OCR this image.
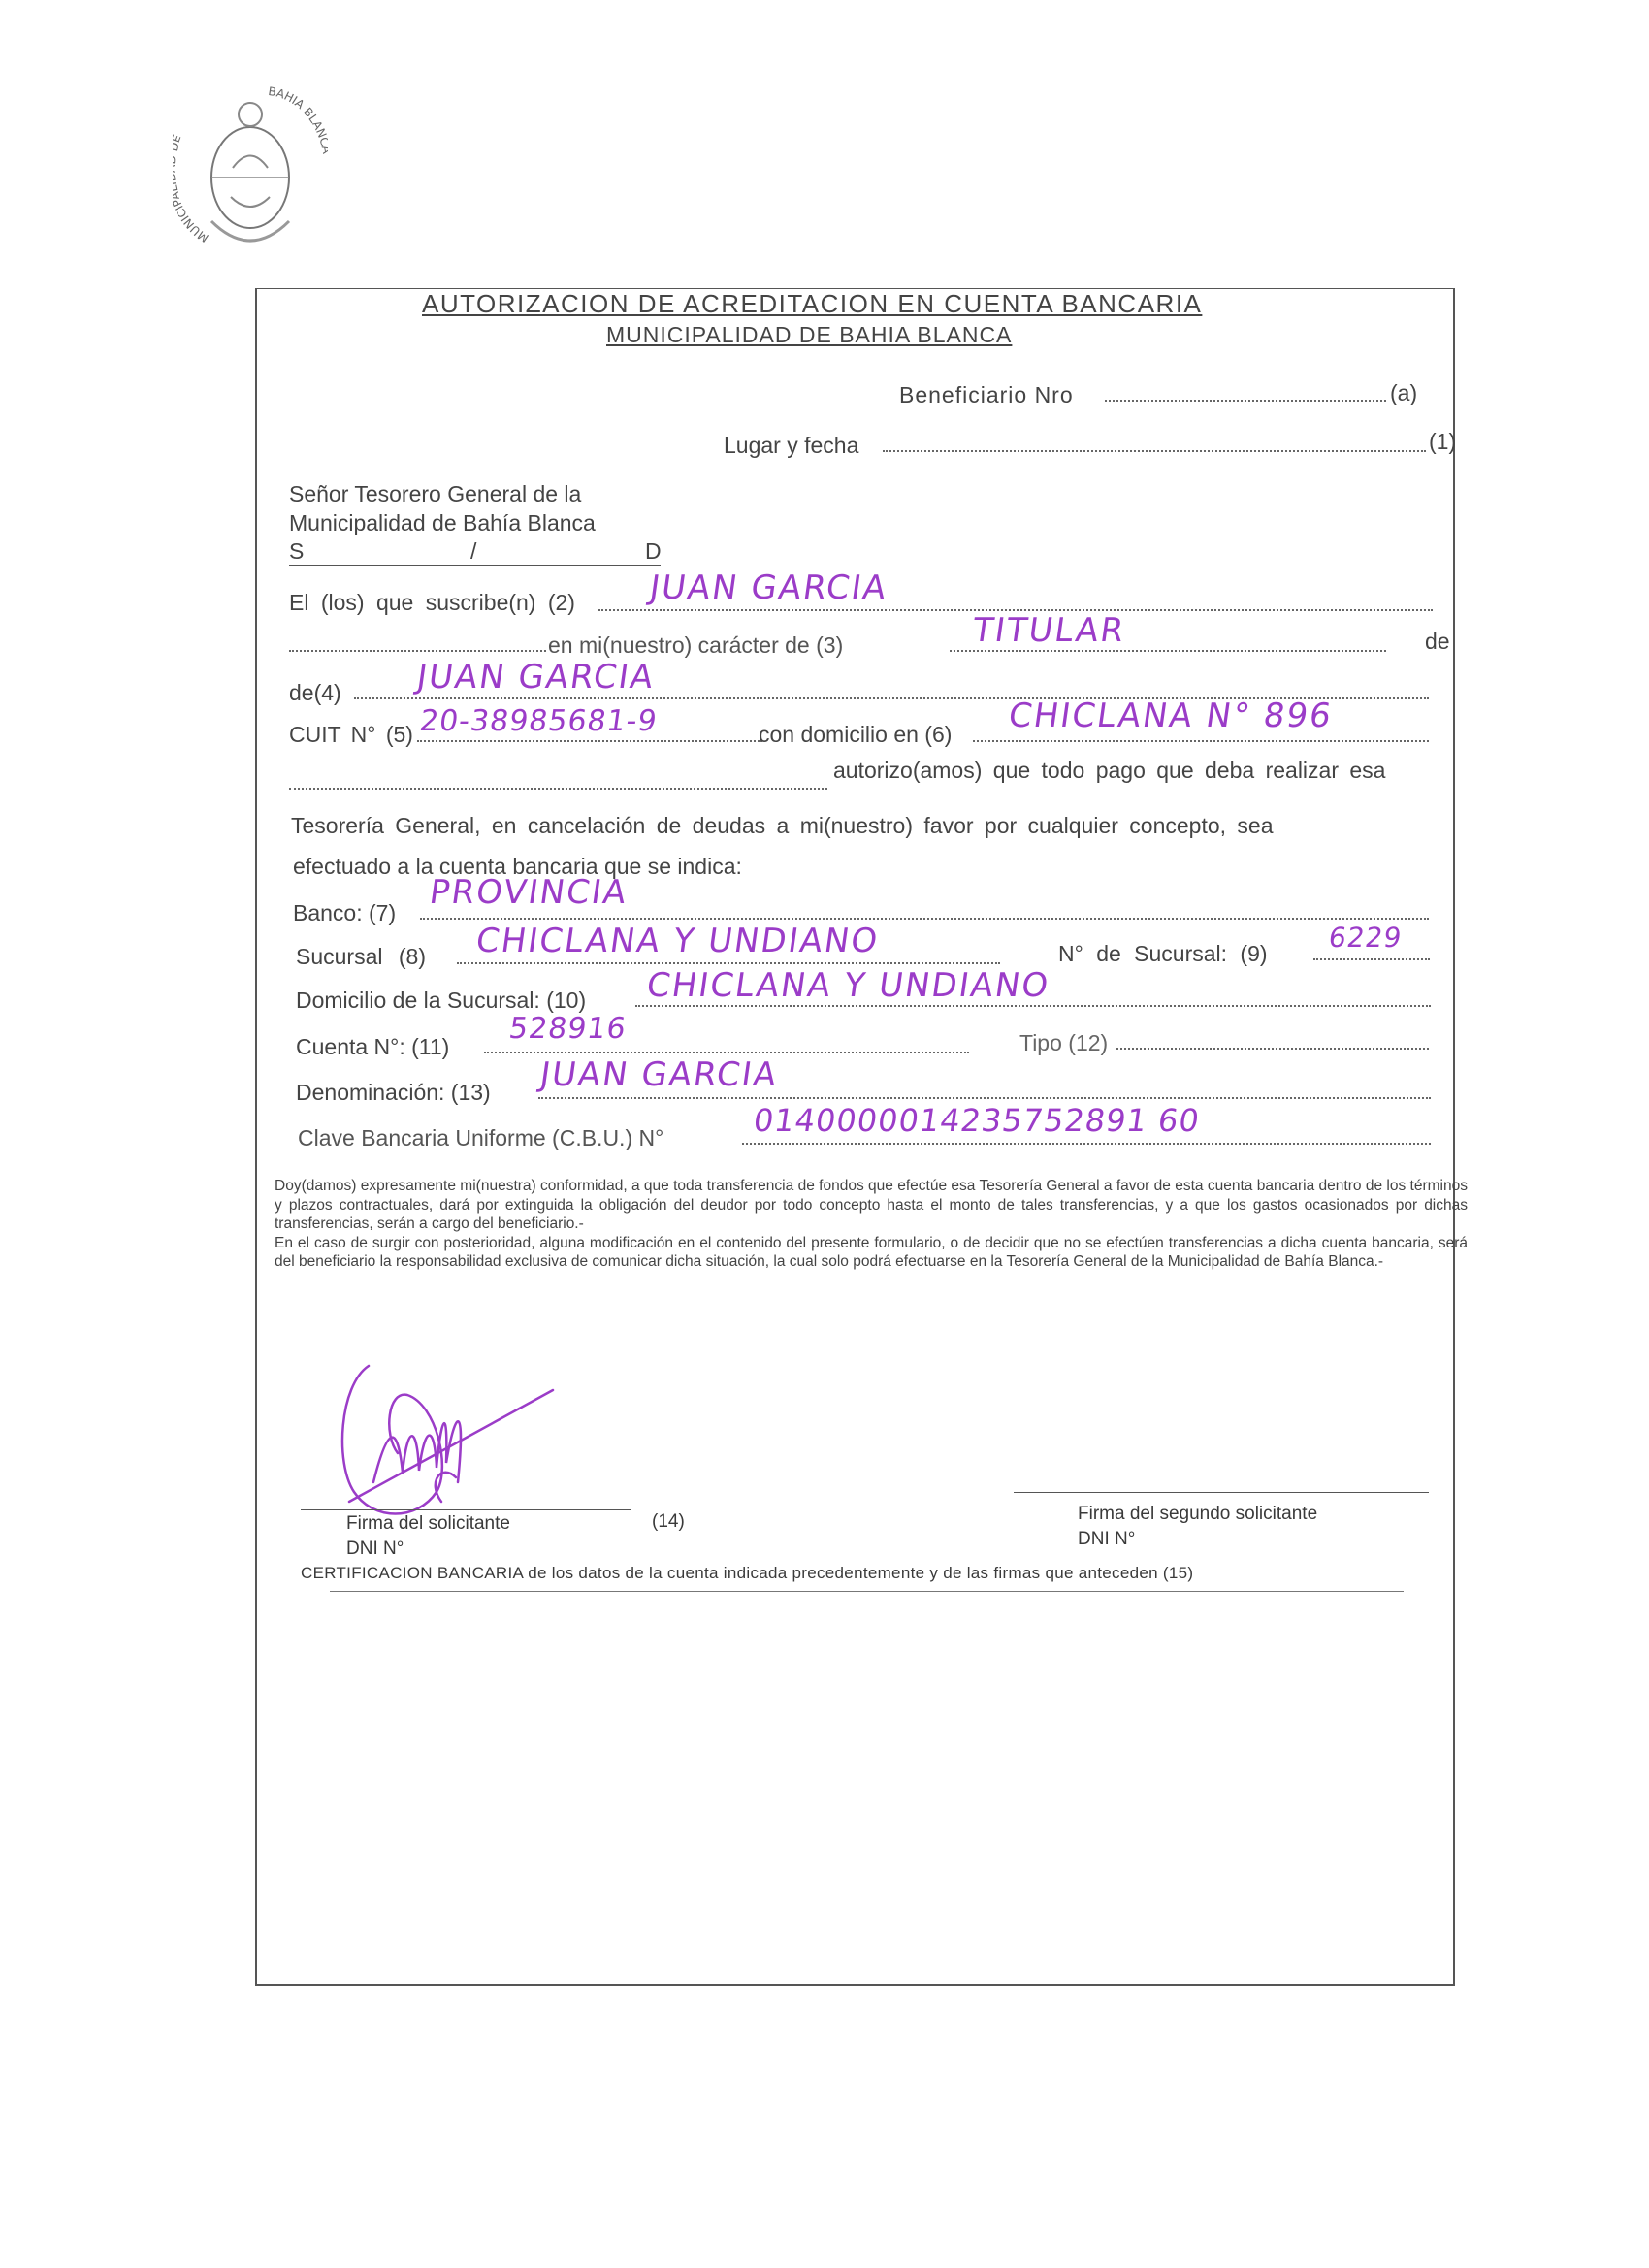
MUNICI
BAHIA BLAN
AUTORIZACION DE ACREDITACION EN CUENTA BANCARIA
MUNICIPALIDAD DE BAHIA BLANCA
Beneficiario Nro	(a)
Lugar y fecha	(1)
Señor Tesorero General de la
Municipalidad de Bahía Blanca
S	/	D
El (los) que suscribe(n) (2) JUAN GARCIA
en mi(nuestro) carácter de (3)	TITULAR	de
de(4) JUAN GARCIA
CUIT N° (5) 20-38985681-9	con domicilio en (6) CHICLANA N° 896
autorizo(amos) que todo pago que deba realizar esa
Tesorería General, en cancelación de deudas a mi(nuestro) favor por cualquier concepto, sea
efectuado a la cuenta bancaria que se indica:
Banco: (7)
PROVINCIA
Sucursal (8) CHICLANA Y UNDIANO	N° de Sucursal: (9) 6229
Domicilio de la Sucursal: (10) CHICLANA Y UNDIANO
Cuenta N°: (11)
528916	Tipo (12)
Denominación: (13) JUAN GARCIA
Clave Bancaria Uniforme (C.B.U.) N°	0140000014235752891 60
Doy(damos) expresamente mi(nuestra) conformidad, a que toda transferencia de fondos que efectúe esa Tesorería General a favor de esta cuenta bancaria dentro de los términos y plazos contractuales, dará por extinguida la obligación del deudor por todo concepto hasta el monto de tales transferencias, y a que los gastos ocasionados por dichas transferencias, serán a cargo del beneficiario.-
En el caso de surgir con posterioridad, alguna modificación en el contenido del presente formulario, o de decidir que no se efectúen transferencias a dicha cuenta bancaria, será del beneficiario la responsabilidad exclusiva de comunicar dicha situación, la cual solo podrá efectuarse en la Tesorería General de la Municipalidad de Bahía Blanca.-
Firma del solicitante	(14)
DNI N°
Firma del segundo solicitante
DNI N°
CERTIFICACION BANCARIA de los datos de la cuenta indicada precedentemente y de las firmas que anteceden (15)
